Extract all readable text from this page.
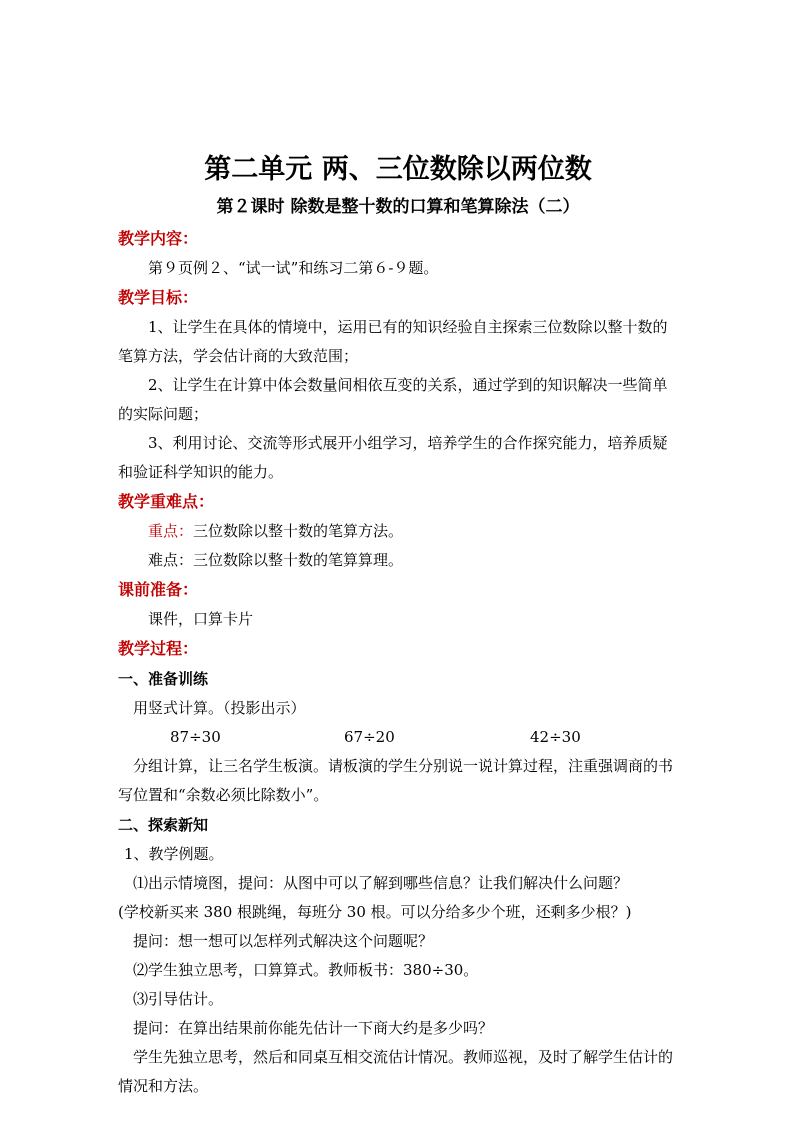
第二单元 两、三位数除以两位数
第２课时 除数是整十数的口算和笔算除法（二）
教学内容：

第９页例２、“试一试”和练习二第６-９题。

教学目标：

1、让学生在具体的情境中，运用已有的知识经验自主探索三位数除以整十数的笔算方法，学会估计商的大致范围；

2、让学生在计算中体会数量间相依互变的关系，通过学到的知识解决一些简单的实际问题；

3、利用讨论、交流等形式展开小组学习，培养学生的合作探究能力，培养质疑和验证科学知识的能力。

教学重难点：

重点：三位数除以整十数的笔算方法。

难点：三位数除以整十数的笔算算理。

课前准备：

课件，口算卡片

教学过程：
一、准备训练

用竖式计算。（投影出示）

87÷30	67÷20	42÷30

分组计算，让三名学生板演。请板演的学生分别说一说计算过程，注重强调商的书写位置和“余数必须比除数小”。

二、探索新知

1、教学例题。

⑴出示情境图，提问：从图中可以了解到哪些信息？让我们解决什么问题？

(学校新买来 380 根跳绳，每班分 30 根。可以分给多少个班，还剩多少根？)

提问：想一想可以怎样列式解决这个问题呢？

⑵学生独立思考，口算算式。教师板书：380÷30。

⑶引导估计。

提问：在算出结果前你能先估计一下商大约是多少吗？

学生先独立思考，然后和同桌互相交流估计情况。教师巡视，及时了解学生估计的情况和方法。
